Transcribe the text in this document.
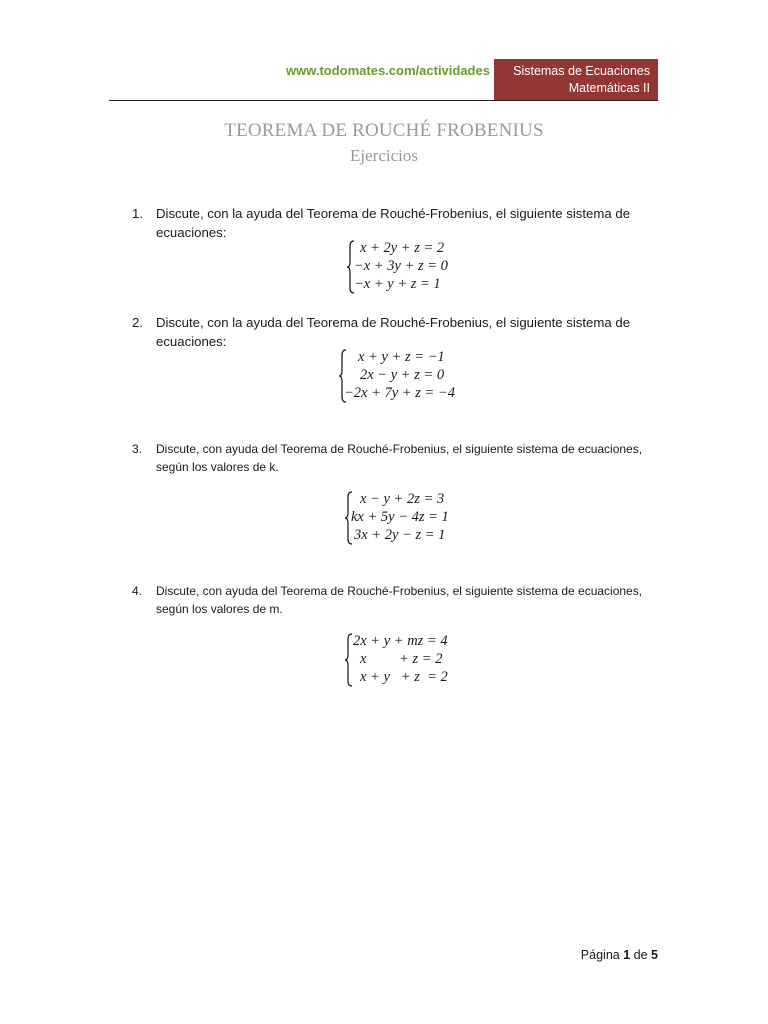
www.todomates.com/actividades	Sistemas de Ecuaciones
Matemáticas II
TEOREMA DE ROUCHÉ FROBENIUS
Ejercicios
1. Discute, con la ayuda del Teorema de Rouché-Frobenius, el siguiente sistema de ecuaciones:
x + 2y + z = 2
−x + 3y + z = 0
−x + y + z = 1
2. Discute, con la ayuda del Teorema de Rouché-Frobenius, el siguiente sistema de ecuaciones:
x + y + z = −1
2x − y + z = 0
−2x + 7y + z = −4
3. Discute, con ayuda del Teorema de Rouché-Frobenius, el siguiente sistema de ecuaciones, según los valores de k.
x − y + 2z = 3
kx + 5y − 4z = 1
3x + 2y − z = 1
4. Discute, con ayuda del Teorema de Rouché-Frobenius, el siguiente sistema de ecuaciones, según los valores de m.
2x + y + mz = 4
x         + z = 2
x + y   + z  = 2
Página 1 de 5
